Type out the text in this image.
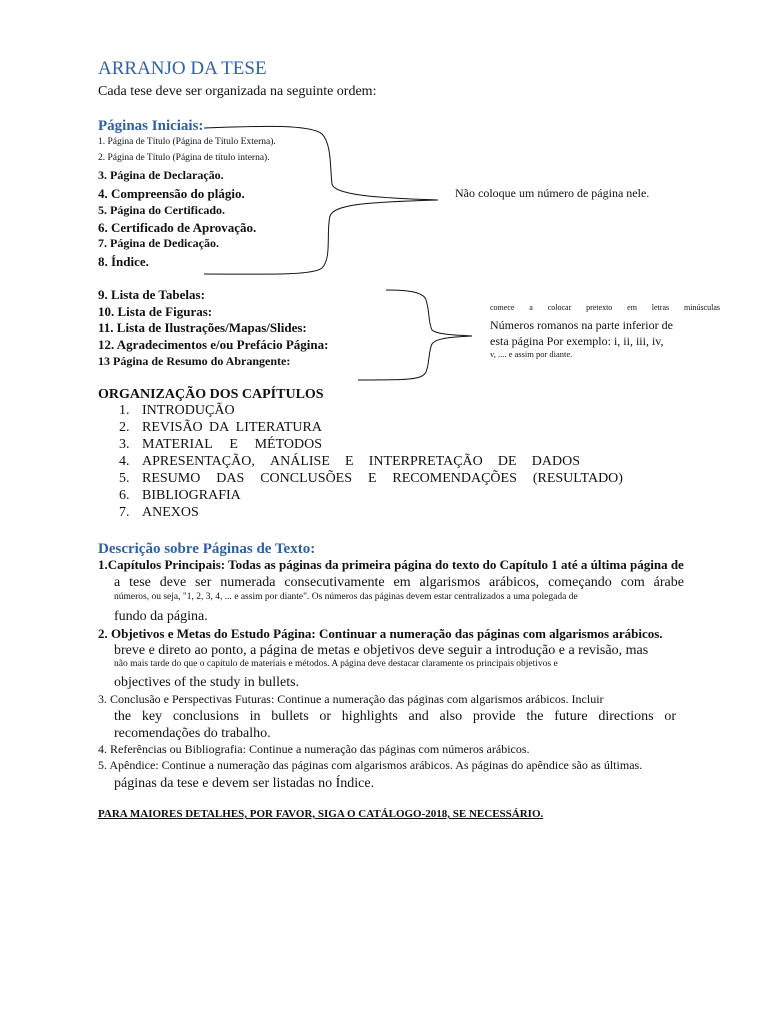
ARRANJO DA TESE
Cada tese deve ser organizada na seguinte ordem:
Páginas Iniciais:
1. Página de Título (Página de Título Externa).
2. Página de Título (Página de título interna).
3. Página de Declaração.
4. Compreensão do plágio.
5. Página do Certificado.
6. Certificado de Aprovação.
7. Página de Dedicação.
8. Índice.
Não coloque um número de página nele.
9. Lista de Tabelas:
10. Lista de Figuras:
11. Lista de Ilustrações/Mapas/Slides:
12. Agradecimentos e/ou Prefácio Página:
13 Página de Resumo do Abrangente:
comece a colocar pretexto em letras minúsculas
Números romanos na parte inferior de
esta página Por exemplo: i, ii, iii, iv,
v, .... e assim por diante.
ORGANIZAÇÃO DOS CAPÍTULOS
1. INTRODUÇÃO
2. REVISÃO DA LITERATURA
3. MATERIAL E MÉTODOS
4. APRESENTAÇÃO, ANÁLISE E INTERPRETAÇÃO DE DADOS
5. RESUMO DAS CONCLUSÕES E RECOMENDAÇÕES (RESULTADO)
6. BIBLIOGRAFIA
7. ANEXOS
Descrição sobre Páginas de Texto:
1.Capítulos Principais: Todas as páginas da primeira página do texto do Capítulo 1 até a última página de
a tese deve ser numerada consecutivamente em algarismos arábicos, começando com árabe
números, ou seja, "1, 2, 3, 4, ... e assim por diante". Os números das páginas devem estar centralizados a uma polegada de
fundo da página.
2. Objetivos e Metas do Estudo Página: Continuar a numeração das páginas com algarismos arábicos.
breve e direto ao ponto, a página de metas e objetivos deve seguir a introdução e a revisão, mas
não mais tarde do que o capítulo de materiais e métodos. A página deve destacar claramente os principais objetivos e
objectives of the study in bullets.
3. Conclusão e Perspectivas Futuras: Continue a numeração das páginas com algarismos arábicos. Incluir
the key conclusions in bullets or highlights and also provide the future directions or
recomendações do trabalho.
4. Referências ou Bibliografia: Continue a numeração das páginas com números arábicos.
5. Apêndice: Continue a numeração das páginas com algarismos arábicos. As páginas do apêndice são as últimas.
páginas da tese e devem ser listadas no Índice.
PARA MAIORES DETALHES, POR FAVOR, SIGA O CATÁLOGO-2018, SE NECESSÁRIO.
